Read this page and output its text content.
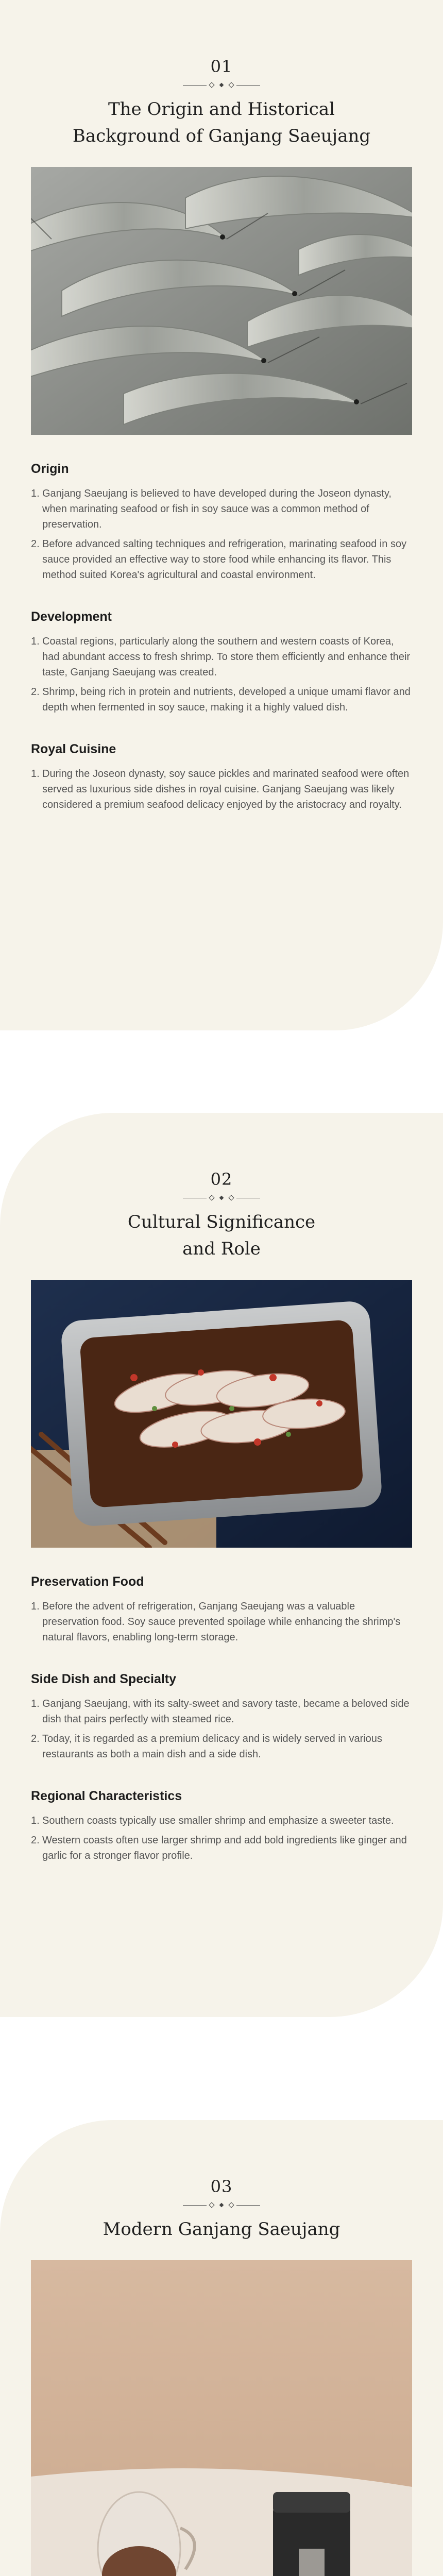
01
The Origin and Historical
Background of Ganjang Saeujang
Origin
1. Ganjang Saeujang is believed to have developed during the Joseon dynasty, when marinating seafood or fish in soy sauce was a common method of preservation.
2. Before advanced salting techniques and refrigeration, marinating seafood in soy sauce provided an effective way to store food while enhancing its flavor. This method suited Korea's agricultural and coastal environment.
Development
1. Coastal regions, particularly along the southern and western coasts of Korea, had abundant access to fresh shrimp. To store them efficiently and enhance their taste, Ganjang Saeujang was created.
2. Shrimp, being rich in protein and nutrients, developed a unique umami flavor and depth when fermented in soy sauce, making it a highly valued dish.
Royal Cuisine
1. During the Joseon dynasty, soy sauce pickles and marinated seafood were often served as luxurious side dishes in royal cuisine. Ganjang Saeujang was likely considered a premium seafood delicacy enjoyed by the aristocracy and royalty.
02
Cultural Significance
and Role
Preservation Food
1. Before the advent of refrigeration, Ganjang Saeujang was a valuable preservation food. Soy sauce prevented spoilage while enhancing the shrimp's natural flavors, enabling long-term storage.
Side Dish and Specialty
1. Ganjang Saeujang, with its salty-sweet and savory taste, became a beloved side dish that pairs perfectly with steamed rice.
2. Today, it is regarded as a premium delicacy and is widely served in various restaurants as both a main dish and a side dish.
Regional Characteristics
1. Southern coasts typically use smaller shrimp and emphasize a sweeter taste.
2. Western coasts often use larger shrimp and add bold ingredients like ginger and garlic for a stronger flavor profile.
03
Modern Ganjang Saeujang
